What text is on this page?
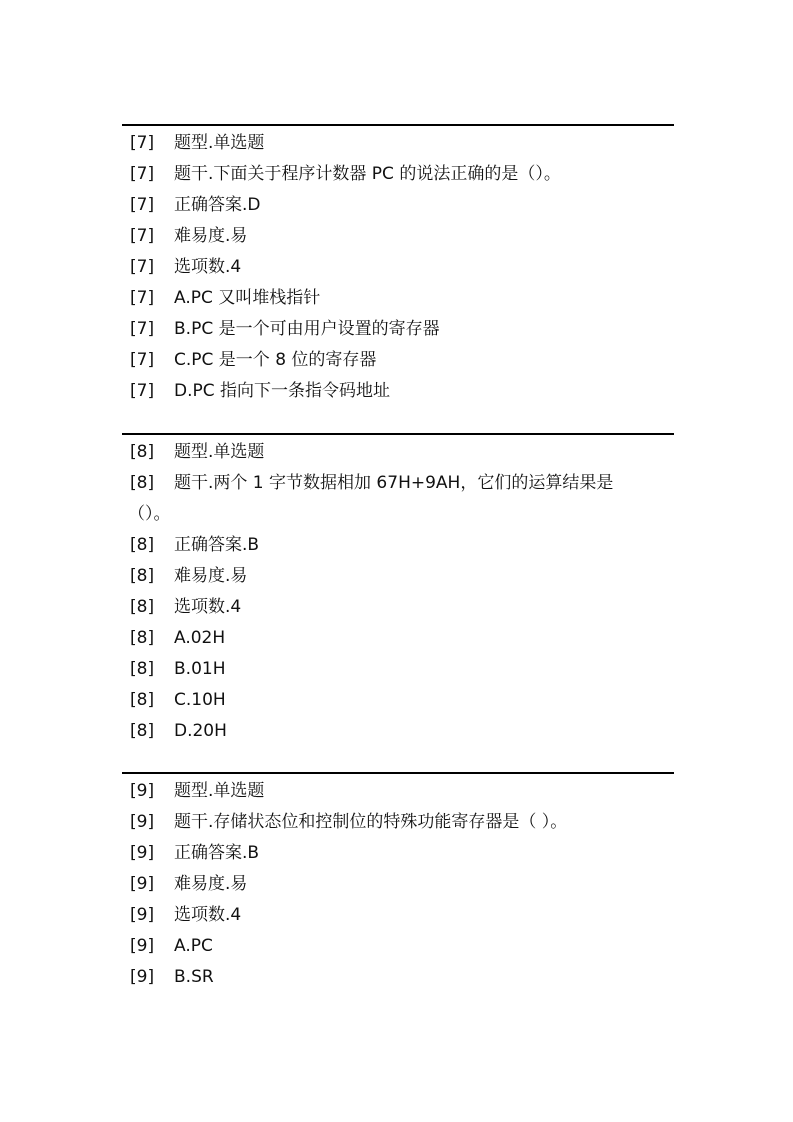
[7] 题型.单选题
[7] 题干.下面关于程序计数器 PC 的说法正确的是（）。
[7] 正确答案.D
[7] 难易度.易
[7] 选项数.4
[7] A.PC 又叫堆栈指针
[7] B.PC 是一个可由用户设置的寄存器
[7] C.PC 是一个 8 位的寄存器
[7] D.PC 指向下一条指令码地址
[8] 题型.单选题
[8] 题干.两个 1 字节数据相加 67H+9AH，它们的运算结果是
（）。
[8] 正确答案.B
[8] 难易度.易
[8] 选项数.4
[8] A.02H
[8] B.01H
[8] C.10H
[8] D.20H
[9] 题型.单选题
[9] 题干.存储状态位和控制位的特殊功能寄存器是（ ）。
[9] 正确答案.B
[9] 难易度.易
[9] 选项数.4
[9] A.PC
[9] B.SR
